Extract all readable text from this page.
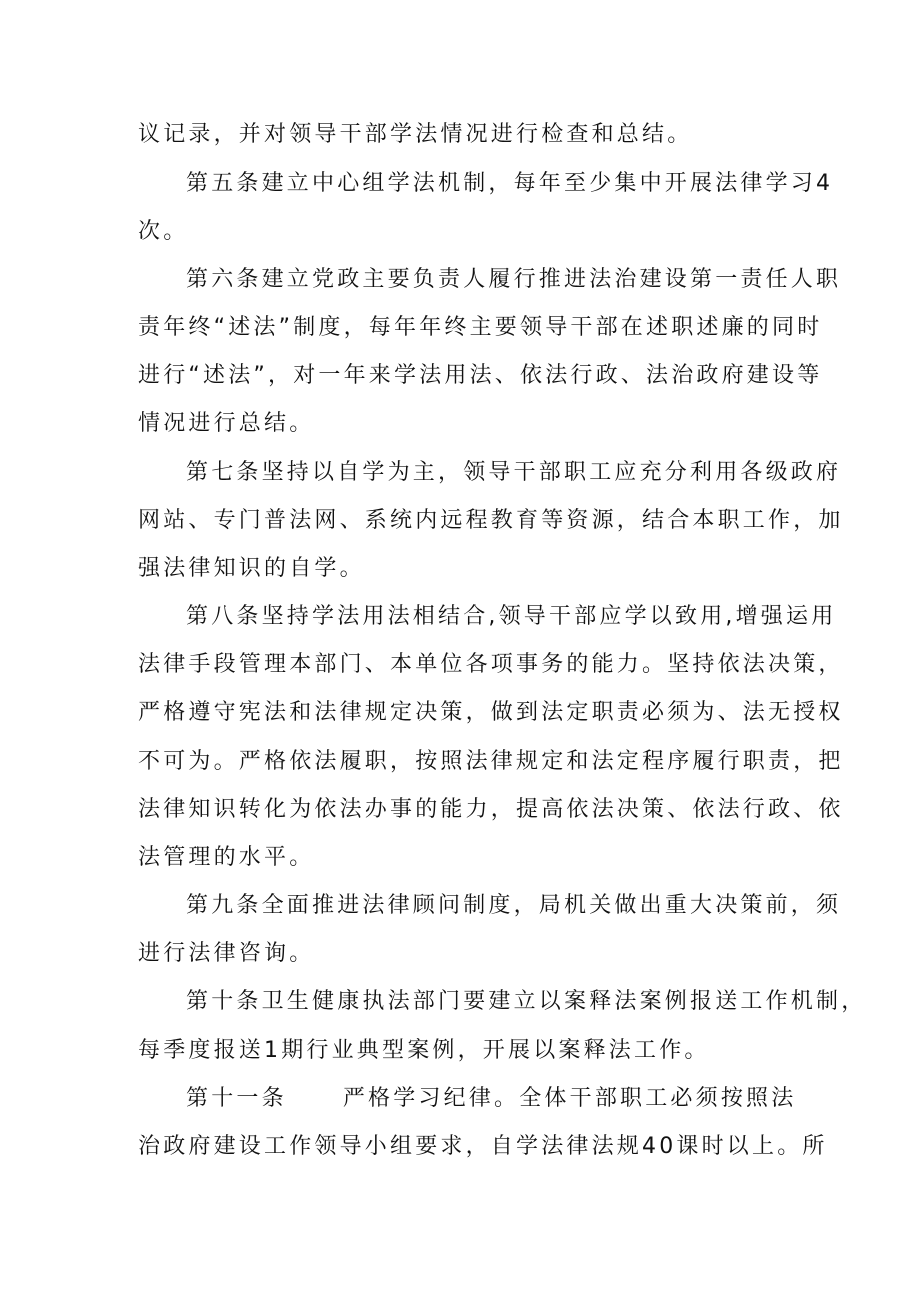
议记录，并对领导干部学法情况进行检查和总结。
第五条建立中心组学法机制，每年至少集中开展法律学习4
次。
第六条建立党政主要负责人履行推进法治建设第一责任人职
责年终“述法”制度，每年年终主要领导干部在述职述廉的同时
进行“述法”，对一年来学法用法、依法行政、法治政府建设等
情况进行总结。
第七条坚持以自学为主，领导干部职工应充分利用各级政府
网站、专门普法网、系统内远程教育等资源，结合本职工作，加
强法律知识的自学。
第八条坚持学法用法相结合,领导干部应学以致用,增强运用
法律手段管理本部门、本单位各项事务的能力。坚持依法决策，
严格遵守宪法和法律规定决策，做到法定职责必须为、法无授权
不可为。严格依法履职，按照法律规定和法定程序履行职责，把
法律知识转化为依法办事的能力，提高依法决策、依法行政、依
法管理的水平。
第九条全面推进法律顾问制度，局机关做出重大决策前，须
进行法律咨询。
第十条卫生健康执法部门要建立以案释法案例报送工作机制，
每季度报送1期行业典型案例，开展以案释法工作。
第十一条	严格学习纪律。全体干部职工必须按照法
治政府建设工作领导小组要求，自学法律法规40课时以上。所
